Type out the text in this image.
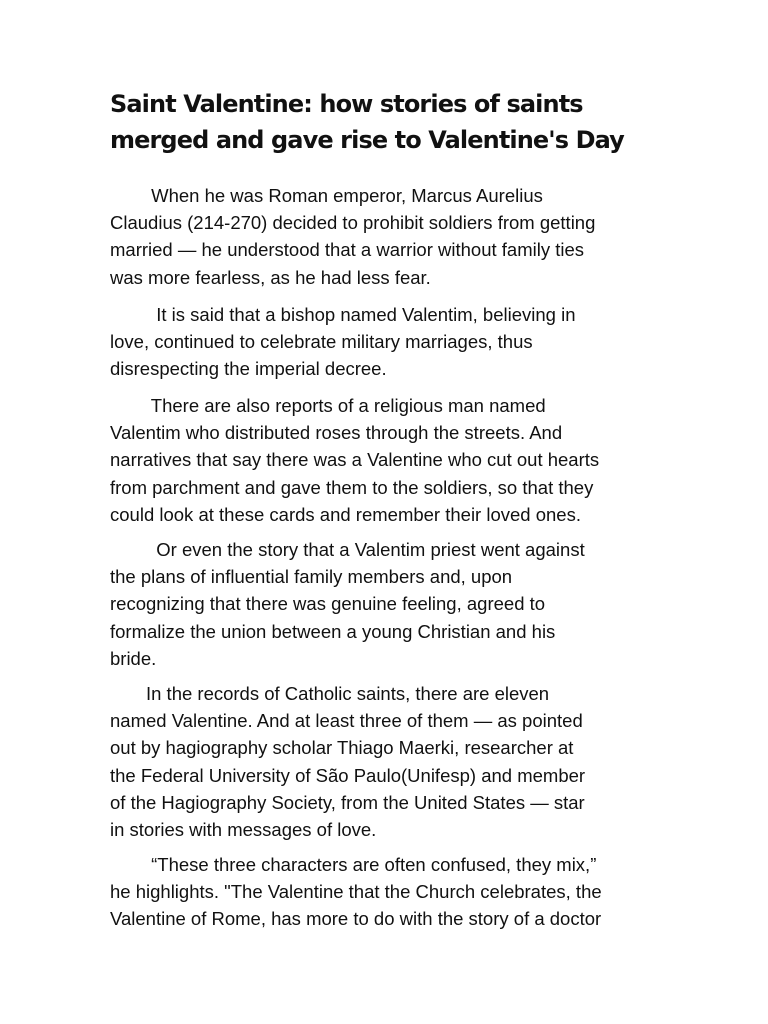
Saint Valentine: how stories of saints
merged and gave rise to Valentine's Day

When he was Roman emperor, Marcus Aurelius
Claudius (214-270) decided to prohibit soldiers from getting
married — he understood that a warrior without family ties
was more fearless, as he had less fear.

It is said that a bishop named Valentim, believing in
love, continued to celebrate military marriages, thus
disrespecting the imperial decree.

There are also reports of a religious man named
Valentim who distributed roses through the streets. And
narratives that say there was a Valentine who cut out hearts
from parchment and gave them to the soldiers, so that they
could look at these cards and remember their loved ones.

Or even the story that a Valentim priest went against
the plans of influential family members and, upon
recognizing that there was genuine feeling, agreed to
formalize the union between a young Christian and his
bride.

In the records of Catholic saints, there are eleven
named Valentine. And at least three of them — as pointed
out by hagiography scholar Thiago Maerki, researcher at
the Federal University of São Paulo(Unifesp) and member
of the Hagiography Society, from the United States — star
in stories with messages of love.

“These three characters are often confused, they mix,”
he highlights. "The Valentine that the Church celebrates, the
Valentine of Rome, has more to do with the story of a doctor
